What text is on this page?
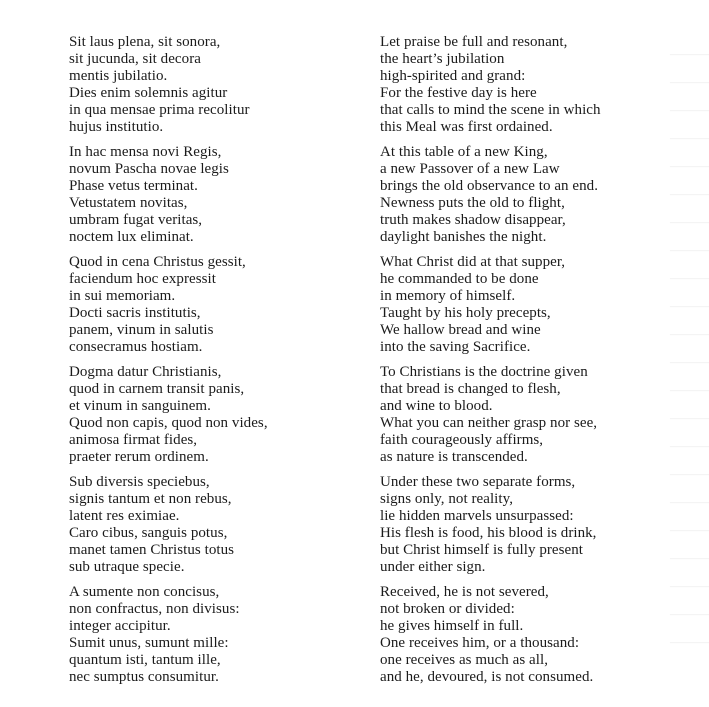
———
———
———
———
———
———
———
———
———
———
———
———
———
———
———
———
———
———
———
———
———
———
Sit laus plena, sit sonora,
sit jucunda, sit decora
mentis jubilatio.
Dies enim solemnis agitur
in qua mensae prima recolitur
hujus institutio.
In hac mensa novi Regis,
novum Pascha novae legis
Phase vetus terminat.
Vetustatem novitas,
umbram fugat veritas,
noctem lux eliminat.
Quod in cena Christus gessit,
faciendum hoc expressit
in sui memoriam.
Docti sacris institutis,
panem, vinum in salutis
consecramus hostiam.
Dogma datur Christianis,
quod in carnem transit panis,
et vinum in sanguinem.
Quod non capis, quod non vides,
animosa firmat fides,
praeter rerum ordinem.
Sub diversis speciebus,
signis tantum et non rebus,
latent res eximiae.
Caro cibus, sanguis potus,
manet tamen Christus totus
sub utraque specie.
A sumente non concisus,
non confractus, non divisus:
integer accipitur.
Sumit unus, sumunt mille:
quantum isti, tantum ille,
nec sumptus consumitur.
Let praise be full and resonant,
the heart’s jubilation
high-spirited and grand:
For the festive day is here
that calls to mind the scene in which
this Meal was first ordained.
At this table of a new King,
a new Passover of a new Law
brings the old observance to an end.
Newness puts the old to flight,
truth makes shadow disappear,
daylight banishes the night.
What Christ did at that supper,
he commanded to be done
in memory of himself.
Taught by his holy precepts,
We hallow bread and wine
into the saving Sacrifice.
To Christians is the doctrine given
that bread is changed to flesh,
and wine to blood.
What you can neither grasp nor see,
faith courageously affirms,
as nature is transcended.
Under these two separate forms,
signs only, not reality,
lie hidden marvels unsurpassed:
His flesh is food, his blood is drink,
but Christ himself is fully present
under either sign.
Received, he is not severed,
not broken or divided:
he gives himself in full.
One receives him, or a thousand:
one receives as much as all,
and he, devoured, is not consumed.
